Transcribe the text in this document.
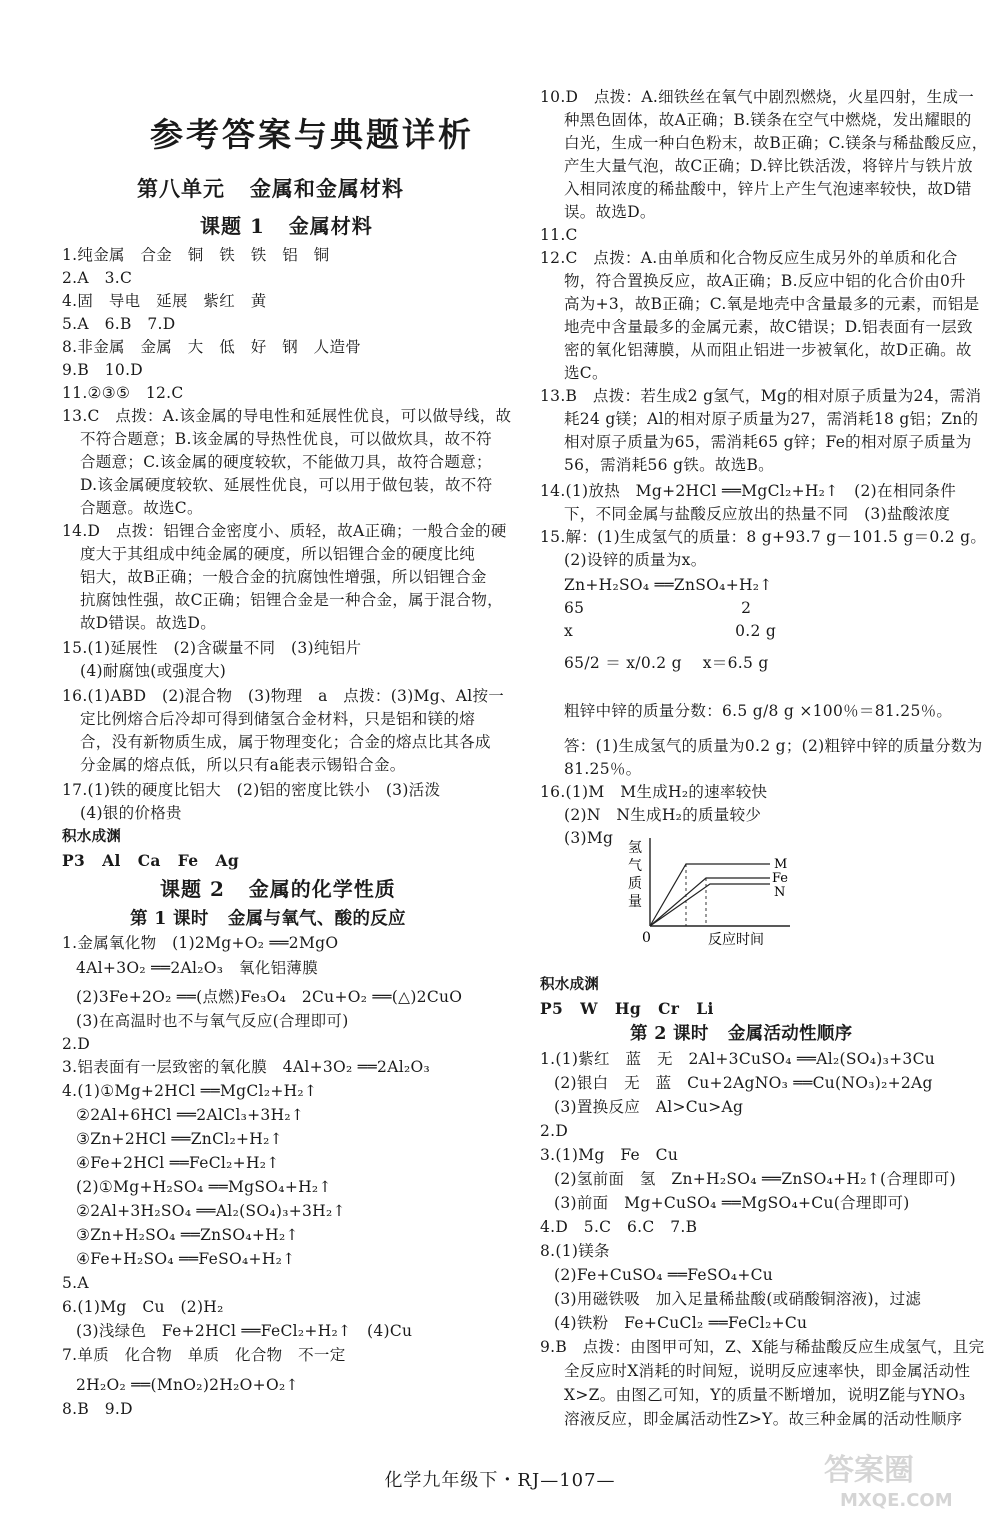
参考答案与典题详析
第八单元   金属和金属材料
课题 1   金属材料
1.纯金属   合金   铜   铁   铁   铝   铜
2.A   3.C
4.固   导电   延展   紫红   黄
5.A   6.B   7.D
8.非金属   金属   大   低   好   钢   人造骨
9.B   10.D
11.②③⑤   12.C
13.C   点拨：A.该金属的导电性和延展性优良，可以做导线，故
不符合题意；B.该金属的导热性优良，可以做炊具，故不符
合题意；C.该金属的硬度较软，不能做刀具，故符合题意；
D.该金属硬度较软、延展性优良，可以用于做包装，故不符
合题意。故选C。
14.D   点拨：铝锂合金密度小、质轻，故A正确；一般合金的硬
度大于其组成中纯金属的硬度，所以铝锂合金的硬度比纯
铝大，故B正确；一般合金的抗腐蚀性增强，所以铝锂合金
抗腐蚀性强，故C正确；铝锂合金是一种合金，属于混合物，
故D错误。故选D。
15.(1)延展性   (2)含碳量不同   (3)纯铝片
(4)耐腐蚀(或强度大)
16.(1)ABD   (2)混合物   (3)物理   a   点拨：(3)Mg、Al按一
定比例熔合后冷却可得到储氢合金材料，只是铝和镁的熔
合，没有新物质生成，属于物理变化；合金的熔点比其各成
分金属的熔点低，所以只有a能表示锡铅合金。
17.(1)铁的硬度比铝大   (2)铝的密度比铁小   (3)活泼
(4)银的价格贵
积水成渊
P3   Al   Ca   Fe   Ag
课题 2   金属的化学性质
第 1 课时   金属与氧气、酸的反应
1.金属氧化物   (1)2Mg+O₂ ══2MgO
4Al+3O₂ ══2Al₂O₃   氧化铝薄膜
(2)3Fe+2O₂ ══(点燃)Fe₃O₄   2Cu+O₂ ══(△)2CuO
(3)在高温时也不与氧气反应(合理即可)
2.D
3.铝表面有一层致密的氧化膜   4Al+3O₂ ══2Al₂O₃
4.(1)①Mg+2HCl ══MgCl₂+H₂↑
②2Al+6HCl ══2AlCl₃+3H₂↑
③Zn+2HCl ══ZnCl₂+H₂↑
④Fe+2HCl ══FeCl₂+H₂↑
(2)①Mg+H₂SO₄ ══MgSO₄+H₂↑
②2Al+3H₂SO₄ ══Al₂(SO₄)₃+3H₂↑
③Zn+H₂SO₄ ══ZnSO₄+H₂↑
④Fe+H₂SO₄ ══FeSO₄+H₂↑
5.A
6.(1)Mg   Cu   (2)H₂
(3)浅绿色   Fe+2HCl ══FeCl₂+H₂↑   (4)Cu
7.单质   化合物   单质   化合物   不一定
2H₂O₂ ══(MnO₂)2H₂O+O₂↑
8.B   9.D
10.D   点拨：A.细铁丝在氧气中剧烈燃烧，火星四射，生成一
种黑色固体，故A正确；B.镁条在空气中燃烧，发出耀眼的
白光，生成一种白色粉末，故B正确；C.镁条与稀盐酸反应，
产生大量气泡，故C正确；D.锌比铁活泼，将锌片与铁片放
入相同浓度的稀盐酸中，锌片上产生气泡速率较快，故D错
误。故选D。
11.C
12.C   点拨：A.由单质和化合物反应生成另外的单质和化合
物，符合置换反应，故A正确；B.反应中铝的化合价由0升
高为+3，故B正确；C.氧是地壳中含量最多的元素，而铝是
地壳中含量最多的金属元素，故C错误；D.铝表面有一层致
密的氧化铝薄膜，从而阻止铝进一步被氧化，故D正确。故
选C。
13.B   点拨：若生成2 g氢气，Mg的相对原子质量为24，需消
耗24 g镁；Al的相对原子质量为27，需消耗18 g铝；Zn的
相对原子质量为65，需消耗65 g锌；Fe的相对原子质量为
56，需消耗56 g铁。故选B。
14.(1)放热   Mg+2HCl ══MgCl₂+H₂↑   (2)在相同条件
下，不同金属与盐酸反应放出的热量不同   (3)盐酸浓度
15.解：(1)生成氢气的质量：8 g+93.7 g－101.5 g＝0.2 g。
(2)设锌的质量为x。
Zn+H₂SO₄ ══ZnSO₄+H₂↑
65                              2
x                               0.2 g
65/2 ＝ x/0.2 g    x＝6.5 g
粗锌中锌的质量分数：6.5 g/8 g ×100％＝81.25％。
答：(1)生成氢气的质量为0.2 g；(2)粗锌中锌的质量分数为
81.25％。
16.(1)M   M生成H₂的速率较快
(2)N   N生成H₂的质量较少
(3)Mg
积水成渊
P5   W   Hg   Cr   Li
第 2 课时   金属活动性顺序
1.(1)紫红   蓝   无   2Al+3CuSO₄ ══Al₂(SO₄)₃+3Cu
(2)银白   无   蓝   Cu+2AgNO₃ ══Cu(NO₃)₂+2Ag
(3)置换反应   Al>Cu>Ag
2.D
3.(1)Mg   Fe   Cu
(2)氢前面   氢   Zn+H₂SO₄ ══ZnSO₄+H₂↑(合理即可)
(3)前面   Mg+CuSO₄ ══MgSO₄+Cu(合理即可)
4.D   5.C   6.C   7.B
8.(1)镁条
(2)Fe+CuSO₄ ══FeSO₄+Cu
(3)用磁铁吸   加入足量稀盐酸(或硝酸铜溶液)，过滤
(4)铁粉   Fe+CuCl₂ ══FeCl₂+Cu
9.B   点拨：由图甲可知，Z、X能与稀盐酸反应生成氢气，且完
全反应时X消耗的时间短，说明反应速率快，即金属活动性
X>Z。由图乙可知，Y的质量不断增加，说明Z能与YNO₃
溶液反应，即金属活动性Z>Y。故三种金属的活动性顺序
氢
气
质
量
0	反应时间
M
Fe
N
化学九年级下・RJ—107—	答案圈
MXQE.COM
